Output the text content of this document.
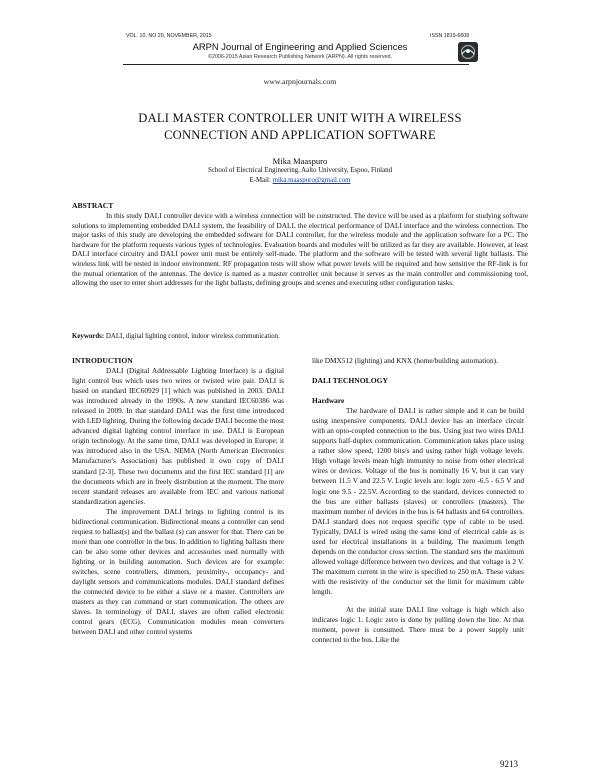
VOL. 10, NO 20, NOVEMBER, 2015	ISSN 1819-6608
ARPN Journal of Engineering and Applied Sciences
©2006-2015 Asian Research Publishing Network (ARPN). All rights reserved.
www.arpnjournals.com
DALI MASTER CONTROLLER UNIT WITH A WIRELESS
CONNECTION AND APPLICATION SOFTWARE
Mika Maaspuro
School of Electrical Engineering, Aalto University, Espoo, Finland
E-Mail: mika.maaspuro@gmail.com
ABSTRACT
In this study DALI controller device with a wireless connection will be constructed. The device will be used as a platform for studying software solutions to implementing embedded DALI system, the feasibility of DALI, the electrical performance of DALI interface and the wireless connection. The major tasks of this study are developing the embedded software for DALI controller, for the wireless module and the application software for a PC. The hardware for the platform requests various types of technologies. Evaluation boards and modules will be utilized as far they are available. However, at least DALI interface circuitry and DALI power unit must be entirely self-made. The platform and the software will be tested with several light ballasts. The wireless link will be tested in indoor environment. RF propagation tests will show what power levels will be required and how sensitive the RF-link is for the mutual orientation of the antennas. The device is named as a master controller unit because it serves as the main controller and commissioning tool, allowing the user to enter short addresses for the light ballasts, defining groups and scenes and executing other configuration tasks.
Keywords: DALI, digital lighting control, indoor wireless communication.
INTRODUCTION

DALI (Digital Addressable Lighting Interface) is a digital light control bus which uses two wires or twisted wire pair. DALI is based on standard IEC60929 [1] which was published in 2003. DALI was introduced already in the 1990s. A new standard IEC60386 was released in 2009. In that standard DALI was the first time introduced with LED lighting. During the following decade DALI become the most advanced digital lighting control interface in use. DALI is European origin technology. At the same time, DALI was developed in Europe; it was introduced also in the USA. NEMA (North American Electronics Manufacturer's Association) has published it own copy of DALI standard [2-3]. These two documents and the first IEC standard [1] are the documents which are in freely distribution at the moment. The more recent standard releases are available from IEC and various national standardization agencies.

The improvement DALI brings to lighting control is its bidirectional communication. Bidirectional means a controller can send request to ballast(s) and the ballast (s) can answer for that. There can be more than one controller in the bus. In addition to lighting ballasts there can be also some other devices and accessories used normally with lighting or in building automation. Such devices are for example: switches, scene controllers, dimmers, proximity-, occupancy- and daylight sensors and communications modules. DALI standard defines the connected device to be either a slave or a master. Controllers are masters as they can command or start communication. The others are slaves. In terminology of DALI, slaves are often called electronic control gears (ECG). Communication modules mean converters between DALI and other control systems

like DMX512 (lighting) and KNX (home/building automation).

DALI TECHNOLOGY
Hardware

The hardware of DALI is rather simple and it can be build using inexpensive components. DALI device has an interface circuit with an opto-coupled connection to the bus. Using just two wires DALI supports half-duplex communication. Communication takes place using a rather slow speed, 1200 bits/s and using rather high voltage levels. High voltage levels mean high immunity to noise from other electrical wires or devices. Voltage of the bus is nominally 16 V, but it can vary between 11.5 V and 22.5 V. Logic levels are: logic zero -6.5 - 6.5 V and logic one 9.5 - 22.5V. According to the standard, devices connected to the bus are either ballasts (slaves) or controllers (masters). The maximum number of devices in the bus is 64 ballasts and 64 controllers. DALI standard does not request specific type of cable to be used. Typically, DALI is wired using the same kind of electrical cable as is used for electrical installations in a building. The maximum length depends on the conductor cross section. The standard sets the maximum allowed voltage difference between two devices, and that voltage is 2 V. The maximum current in the wire is specified to 250 mA. These values with the resistivity of the conductor set the limit for maximum cable length.

At the initial state DALI line voltage is high which also indicates logic 1. Logic zero is done by pulling down the line. At that moment, power is consumed. There must be a power supply unit connected to the bus. Like the

9213
